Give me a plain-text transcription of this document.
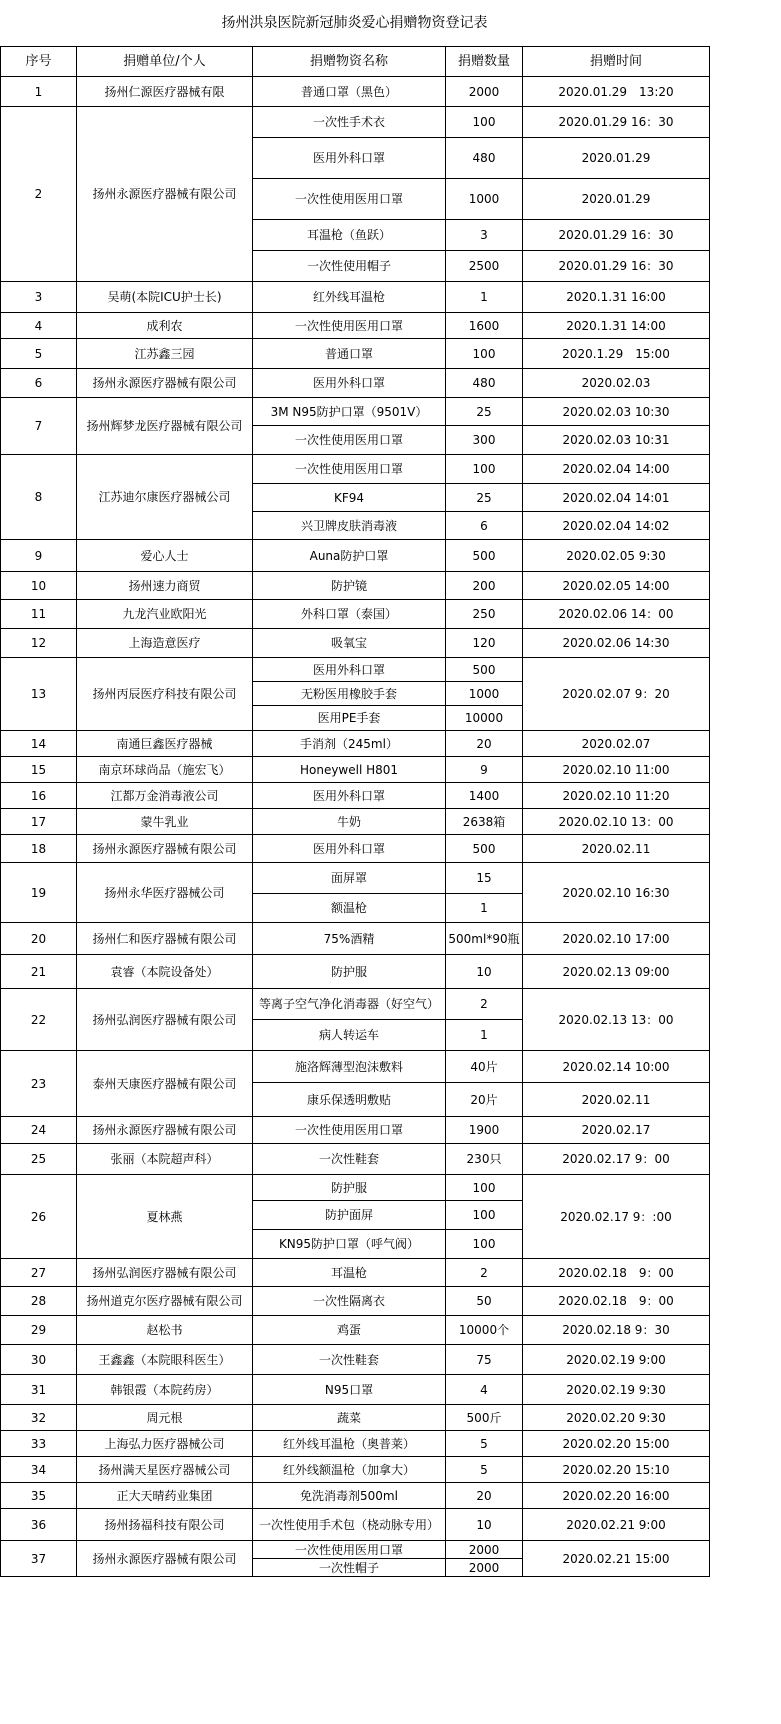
扬州洪泉医院新冠肺炎爱心捐赠物资登记表
序号	捐赠单位/个人	捐赠物资名称	捐赠数量	捐赠时间
1	扬州仁源医疗器械有限	普通口罩（黑色）	2000	2020.01.29　13:20
2	扬州永源医疗器械有限公司	一次性手术衣	100	2020.01.29 16：30
		医用外科口罩	480	2020.01.29
		一次性使用医用口罩	1000	2020.01.29
		耳温枪（鱼跃）	3	2020.01.29 16：30
		一次性使用帽子	2500	2020.01.29 16：30
3	吴萌(本院ICU护士长)	红外线耳温枪	1	2020.1.31 16:00
4	成利农	一次性使用医用口罩	1600	2020.1.31 14:00
5	江苏鑫三园	普通口罩	100	2020.1.29　15:00
6	扬州永源医疗器械有限公司	医用外科口罩	480	2020.02.03
7	扬州辉梦龙医疗器械有限公司	3M N95防护口罩（9501V）	25	2020.02.03 10:30
		一次性使用医用口罩	300	2020.02.03 10:31
8	江苏迪尔康医疗器械公司	一次性使用医用口罩	100	2020.02.04 14:00
		KF94	25	2020.02.04 14:01
		兴卫牌皮肤消毒液	6	2020.02.04 14:02
9	爱心人士	Auna防护口罩	500	2020.02.05 9:30
10	扬州速力商贸	防护镜	200	2020.02.05 14:00
11	九龙汽业欧阳光	外科口罩（泰国）	250	2020.02.06 14：00
12	上海造意医疗	吸氧宝	120	2020.02.06 14:30
13	扬州丙辰医疗科技有限公司	医用外科口罩	500	2020.02.07 9：20
		无粉医用橡胶手套	1000	
		医用PE手套	10000	
14	南通巨鑫医疗器械	手消剂（245ml）	20	2020.02.07
15	南京环球尚品（施宏飞）	Honeywell H801	9	2020.02.10 11:00
16	江都万金消毒液公司	医用外科口罩	1400	2020.02.10 11:20
17	蒙牛乳业	牛奶	2638箱	2020.02.10 13：00
18	扬州永源医疗器械有限公司	医用外科口罩	500	2020.02.11
19	扬州永华医疗器械公司	面屏罩	15	2020.02.10 16:30
		额温枪	1	
20	扬州仁和医疗器械有限公司	75%酒精	500ml*90瓶	2020.02.10 17:00
21	袁睿（本院设备处）	防护服	10	2020.02.13 09:00
22	扬州弘润医疗器械有限公司	等离子空气净化消毒器（好空气）	2	2020.02.13 13：00
		病人转运车	1	
23	泰州天康医疗器械有限公司	施洛辉薄型泡沫敷料	40片	2020.02.14 10:00
		康乐保透明敷贴	20片	2020.02.11
24	扬州永源医疗器械有限公司	一次性使用医用口罩	1900	2020.02.17
25	张丽（本院超声科）	一次性鞋套	230只	2020.02.17 9：00
26	夏林燕	防护服	100	2020.02.17 9：:00
		防护面屏	100	
		KN95防护口罩（呼气阀）	100	
27	扬州弘润医疗器械有限公司	耳温枪	2	2020.02.18　9：00
28	扬州道克尔医疗器械有限公司	一次性隔离衣	50	2020.02.18　9：00
29	赵松书	鸡蛋	10000个	2020.02.18 9：30
30	王鑫鑫（本院眼科医生）	一次性鞋套	75	2020.02.19 9:00
31	韩银霞（本院药房）	N95口罩	4	2020.02.19 9:30
32	周元根	蔬菜	500斤	2020.02.20 9:30
33	上海弘力医疗器械公司	红外线耳温枪（奥普莱）	5	2020.02.20 15:00
34	扬州满天星医疗器械公司	红外线额温枪（加拿大）	5	2020.02.20 15:10
35	正大天晴药业集团	免洗消毒剂500ml	20	2020.02.20 16:00
36	扬州扬福科技有限公司	一次性使用手术包（桡动脉专用）	10	2020.02.21 9:00
37	扬州永源医疗器械有限公司	一次性使用医用口罩	2000	2020.02.21 15:00
		一次性帽子	2000	
